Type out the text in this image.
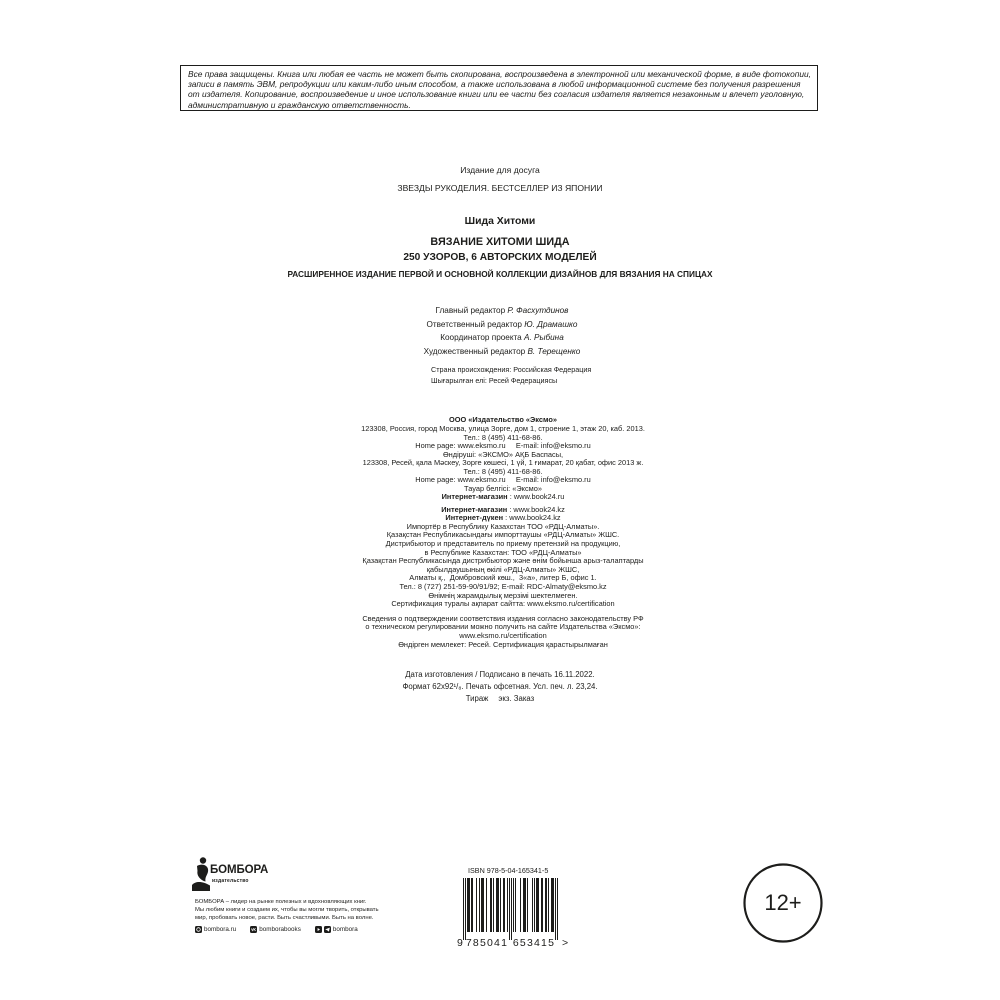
Все права защищены. Книга или любая ее часть не может быть скопирована, воспроизведена в электронной или механической форме, в виде фотокопии,
записи в память ЭВМ, репродукции или каким-либо иным способом, а также использована в любой информационной системе без получения разрешения
от издателя. Копирование, воспроизведение и иное использование книги или ее части без согласия издателя является незаконным и влечет уголовную,
административную и гражданскую ответственность.
Издание для досуга
ЗВЕЗДЫ РУКОДЕЛИЯ. БЕСТСЕЛЛЕР ИЗ ЯПОНИИ
Шида Хитоми
ВЯЗАНИЕ ХИТОМИ ШИДА
250 УЗОРОВ, 6 АВТОРСКИХ МОДЕЛЕЙ
РАСШИРЕННОЕ ИЗДАНИЕ ПЕРВОЙ И ОСНОВНОЙ КОЛЛЕКЦИИ ДИЗАЙНОВ ДЛЯ ВЯЗАНИЯ НА СПИЦАХ
Главный редактор Р. Фасхутдинов
Ответственный редактор Ю. Драмашко
Координатор проекта А. Рыбина
Художественный редактор В. Терещенко
Страна происхождения: Российская Федерация
Шығарылған елі: Ресей Федерациясы
ООО «Издательство «Эксмо»
123308, Россия, город Москва, улица Зорге, дом 1, строение 1, этаж 20, каб. 2013.
Тел.: 8 (495) 411-68-86.
Home page: www.eksmo.ru     E-mail: info@eksmo.ru
Өндіруші: «ЭКСМО» АҚБ Баспасы,
123308, Ресей, қала Мәскеу, Зорге көшесі, 1 үй, 1 ғимарат, 20 қабат, офис 2013 ж.
Тел.: 8 (495) 411-68-86.
Home page: www.eksmo.ru     E-mail: info@eksmo.ru
Тауар белгісі: «Эксмо»
Интернет-магазин : www.book24.ru
Интернет-магазин : www.book24.kz
Интернет-дүкен : www.book24.kz
Импортёр в Республику Казахстан ТОО «РДЦ-Алматы».
Қазақстан Республикасындағы импорттаушы «РДЦ-Алматы» ЖШС.
Дистрибьютор и представитель по приему претензий на продукцию,
в Республике Казахстан: ТОО «РДЦ-Алматы»
Қазақстан Республикасында дистрибьютор және өнім бойынша арыз-талаптарды
қабылдаушының өкілі «РДЦ-Алматы» ЖШС,
Алматы қ.,  Домбровский көш.,  3«а», литер Б, офис 1.
Тел.: 8 (727) 251-59-90/91/92; E-mail: RDC-Almaty@eksmo.kz
Өнімнің жарамдылық мерзімі шектелмеген.
Сертификация туралы ақпарат сайтта: www.eksmo.ru/certification
Сведения о подтверждении соответствия издания согласно законодательству РФ
о техническом регулировании можно получить на сайте Издательства «Эксмо»:
www.eksmo.ru/certification
Өндірген мемлекет: Ресей. Сертификация қарастырылмаған
Дата изготовления / Подписано в печать 16.11.2022.
Формат 62x92¹/₈. Печать офсетная. Усл. печ. л. 23,24.
Тираж экз. Заказ
БОМБОРА
издательство
БОМБОРА – лидер на рынке полезных и вдохновляющих книг.
Мы любим книги и создаем их, чтобы вы могли творить, открывать
мир, пробовать новое, расти. Быть счастливыми. Быть на волне.
bombora.ru	bomborabooks	bombora
ISBN 978-5-04-165341-5
9 785041 653415 >
12+
